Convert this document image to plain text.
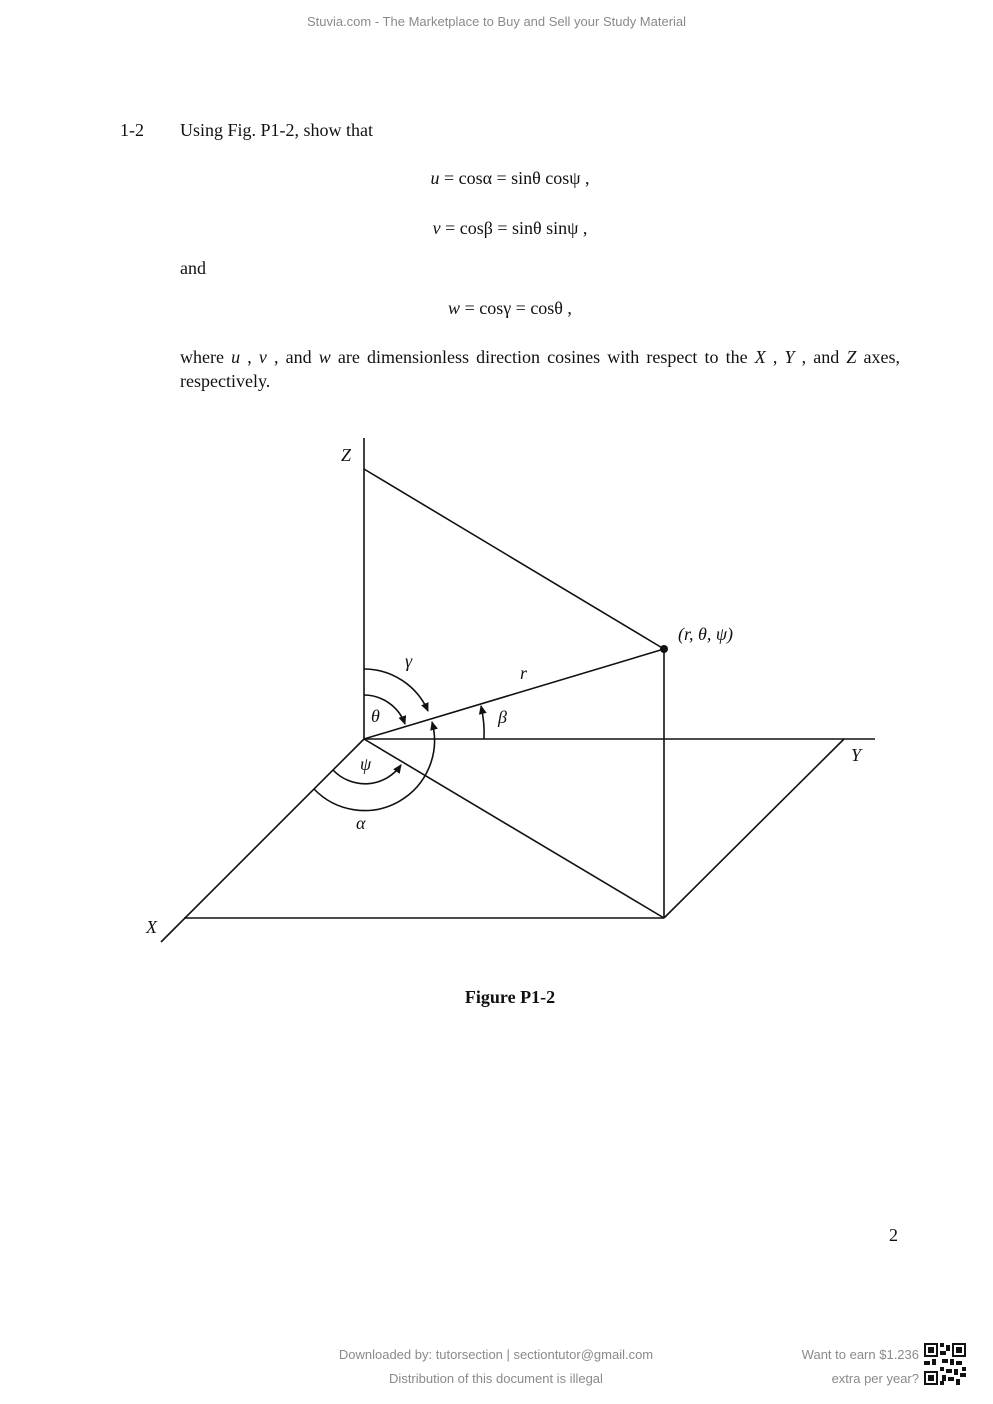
Stuvia.com - The Marketplace to Buy and Sell your Study Material
1-2 Using Fig. P1-2, show that
u = cosα = sinθ cosψ ,
v = cosβ = sinθ sinψ ,
and
w = cosγ = cosθ ,
where u , v , and w are dimensionless direction cosines with respect to the X , Y , and Z axes, respectively.
Z
Y
X
(r, θ, ψ)
r
γ
θ	β
ψ
α
Figure P1-2
2
Downloaded by: tutorsection | sectiontutor@gmail.com
Distribution of this document is illegal
Want to earn $1.236
extra per year?
